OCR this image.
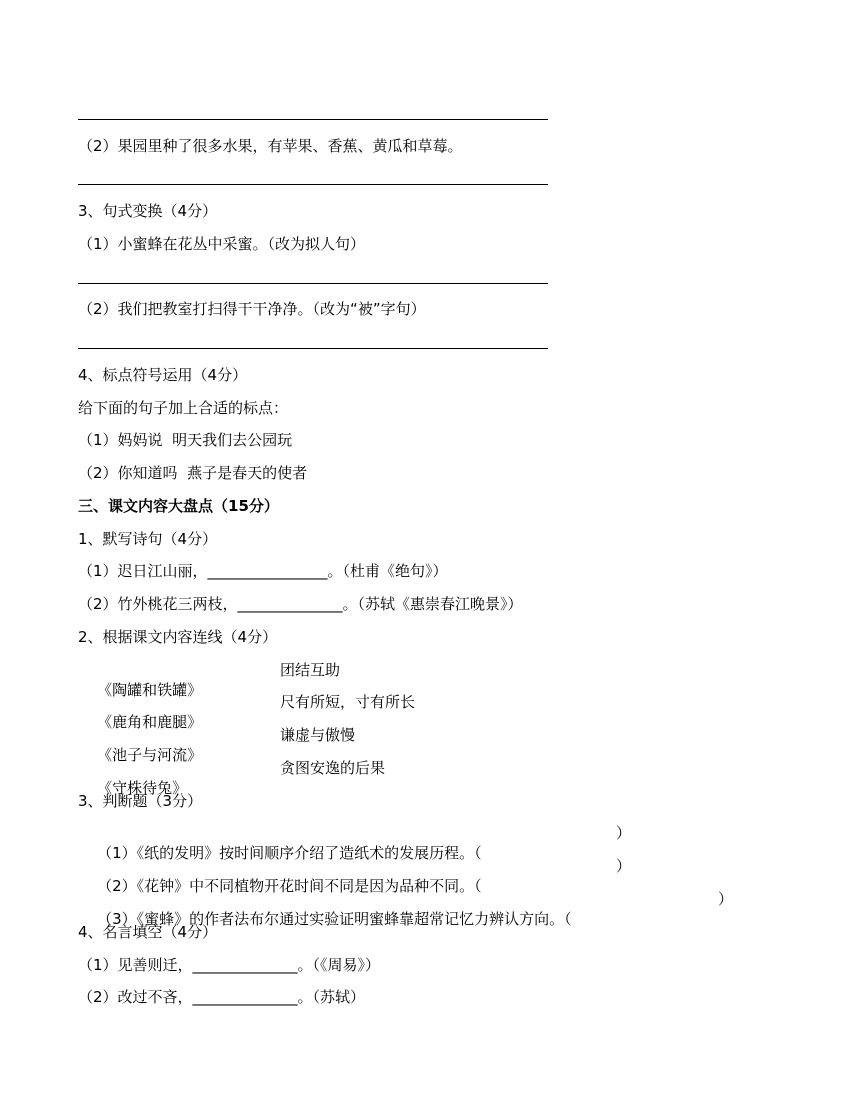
（2）果园里种了很多水果，有苹果、香蕉、黄瓜和草莓。
3、句式变换（4分）
（1）小蜜蜂在花丛中采蜜。（改为拟人句）
（2）我们把教室打扫得干干净净。（改为“被”字句）
4、标点符号运用（4分）
给下面的句子加上合适的标点：
（1）妈妈说  明天我们去公园玩
（2）你知道吗  燕子是春天的使者
三、课文内容大盘点（15分）
1、默写诗句（4分）
（1）迟日江山丽，________________。（杜甫《绝句》）
（2）竹外桃花三两枝，______________。（苏轼《惠崇春江晚景》）
2、根据课文内容连线（4分）

《陶罐和铁罐》

团结互助

《鹿角和鹿腿》

尺有所短，寸有所长

《池子与河流》

谦虚与傲慢

《守株待兔》

贪图安逸的后果

3、判断题（3分）

（1）《纸的发明》按时间顺序介绍了造纸术的发展历程。（

）

（2）《花钟》中不同植物开花时间不同是因为品种不同。（

）

（3）《蜜蜂》的作者法布尔通过实验证明蜜蜂靠超常记忆力辨认方向。（

）

4、名言填空（4分）
（1）见善则迁，______________。（《周易》）
（2）改过不吝，______________。（苏轼）
